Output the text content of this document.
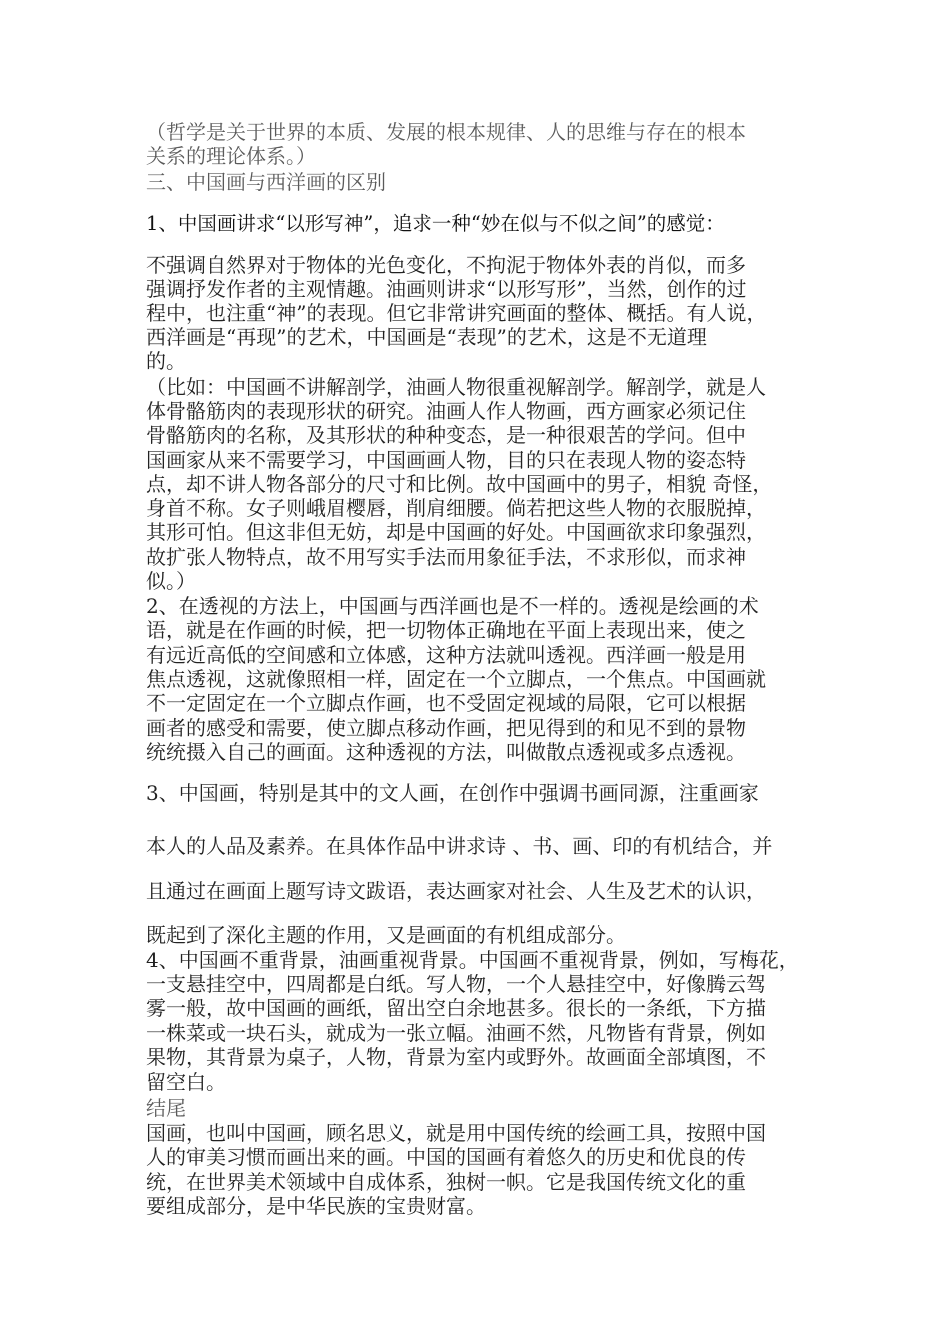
（哲学是关于世界的本质、发展的根本规律、人的思维与存在的根本
关系的理论体系。）
三、中国画与西洋画的区别
1、中国画讲求“以形写神”，追求一种“妙在似与不似之间”的感觉：
不强调自然界对于物体的光色变化，不拘泥于物体外表的肖似，而多
强调抒发作者的主观情趣。油画则讲求“以形写形”，当然，创作的过
程中，也注重“神”的表现。但它非常讲究画面的整体、概括。有人说，
西洋画是“再现”的艺术，中国画是“表现”的艺术，这是不无道理
的。
（比如：中国画不讲解剖学，油画人物很重视解剖学。解剖学，就是人
体骨骼筋肉的表现形状的研究。油画人作人物画，西方画家必须记住
骨骼筋肉的名称，及其形状的种种变态，是一种很艰苦的学问。但中
国画家从来不需要学习，中国画画人物，目的只在表现人物的姿态特
点，却不讲人物各部分的尺寸和比例。故中国画中的男子，相貌 奇怪，
身首不称。女子则峨眉樱唇，削肩细腰。倘若把这些人物的衣服脱掉，
其形可怕。但这非但无妨，却是中国画的好处。中国画欲求印象强烈，
故扩张人物特点，故不用写实手法而用象征手法，不求形似，而求神
似。）
2、在透视的方法上，中国画与西洋画也是不一样的。透视是绘画的术
语，就是在作画的时候，把一切物体正确地在平面上表现出来，使之
有远近高低的空间感和立体感，这种方法就叫透视。西洋画一般是用
焦点透视，这就像照相一样，固定在一个立脚点，一个焦点。中国画就
不一定固定在一个立脚点作画，也不受固定视域的局限，它可以根据
画者的感受和需要，使立脚点移动作画，把见得到的和见不到的景物
统统摄入自己的画面。这种透视的方法，叫做散点透视或多点透视。
3、中国画，特别是其中的文人画，在创作中强调书画同源，注重画家
本人的人品及素养。在具体作品中讲求诗 、书、画、印的有机结合，并
且通过在画面上题写诗文跋语，表达画家对社会、人生及艺术的认识，
既起到了深化主题的作用，又是画面的有机组成部分。
4、中国画不重背景，油画重视背景。中国画不重视背景，例如，写梅花，
一支悬挂空中，四周都是白纸。写人物，一个人悬挂空中，好像腾云驾
雾一般，故中国画的画纸，留出空白余地甚多。很长的一条纸，下方描
一株菜或一块石头，就成为一张立幅。油画不然，凡物皆有背景，例如
果物，其背景为桌子，人物，背景为室内或野外。故画面全部填图，不
留空白。
结尾
国画，也叫中国画，顾名思义，就是用中国传统的绘画工具，按照中国
人的审美习惯而画出来的画。中国的国画有着悠久的历史和优良的传
统，在世界美术领域中自成体系，独树一帜。它是我国传统文化的重
要组成部分，是中华民族的宝贵财富。
